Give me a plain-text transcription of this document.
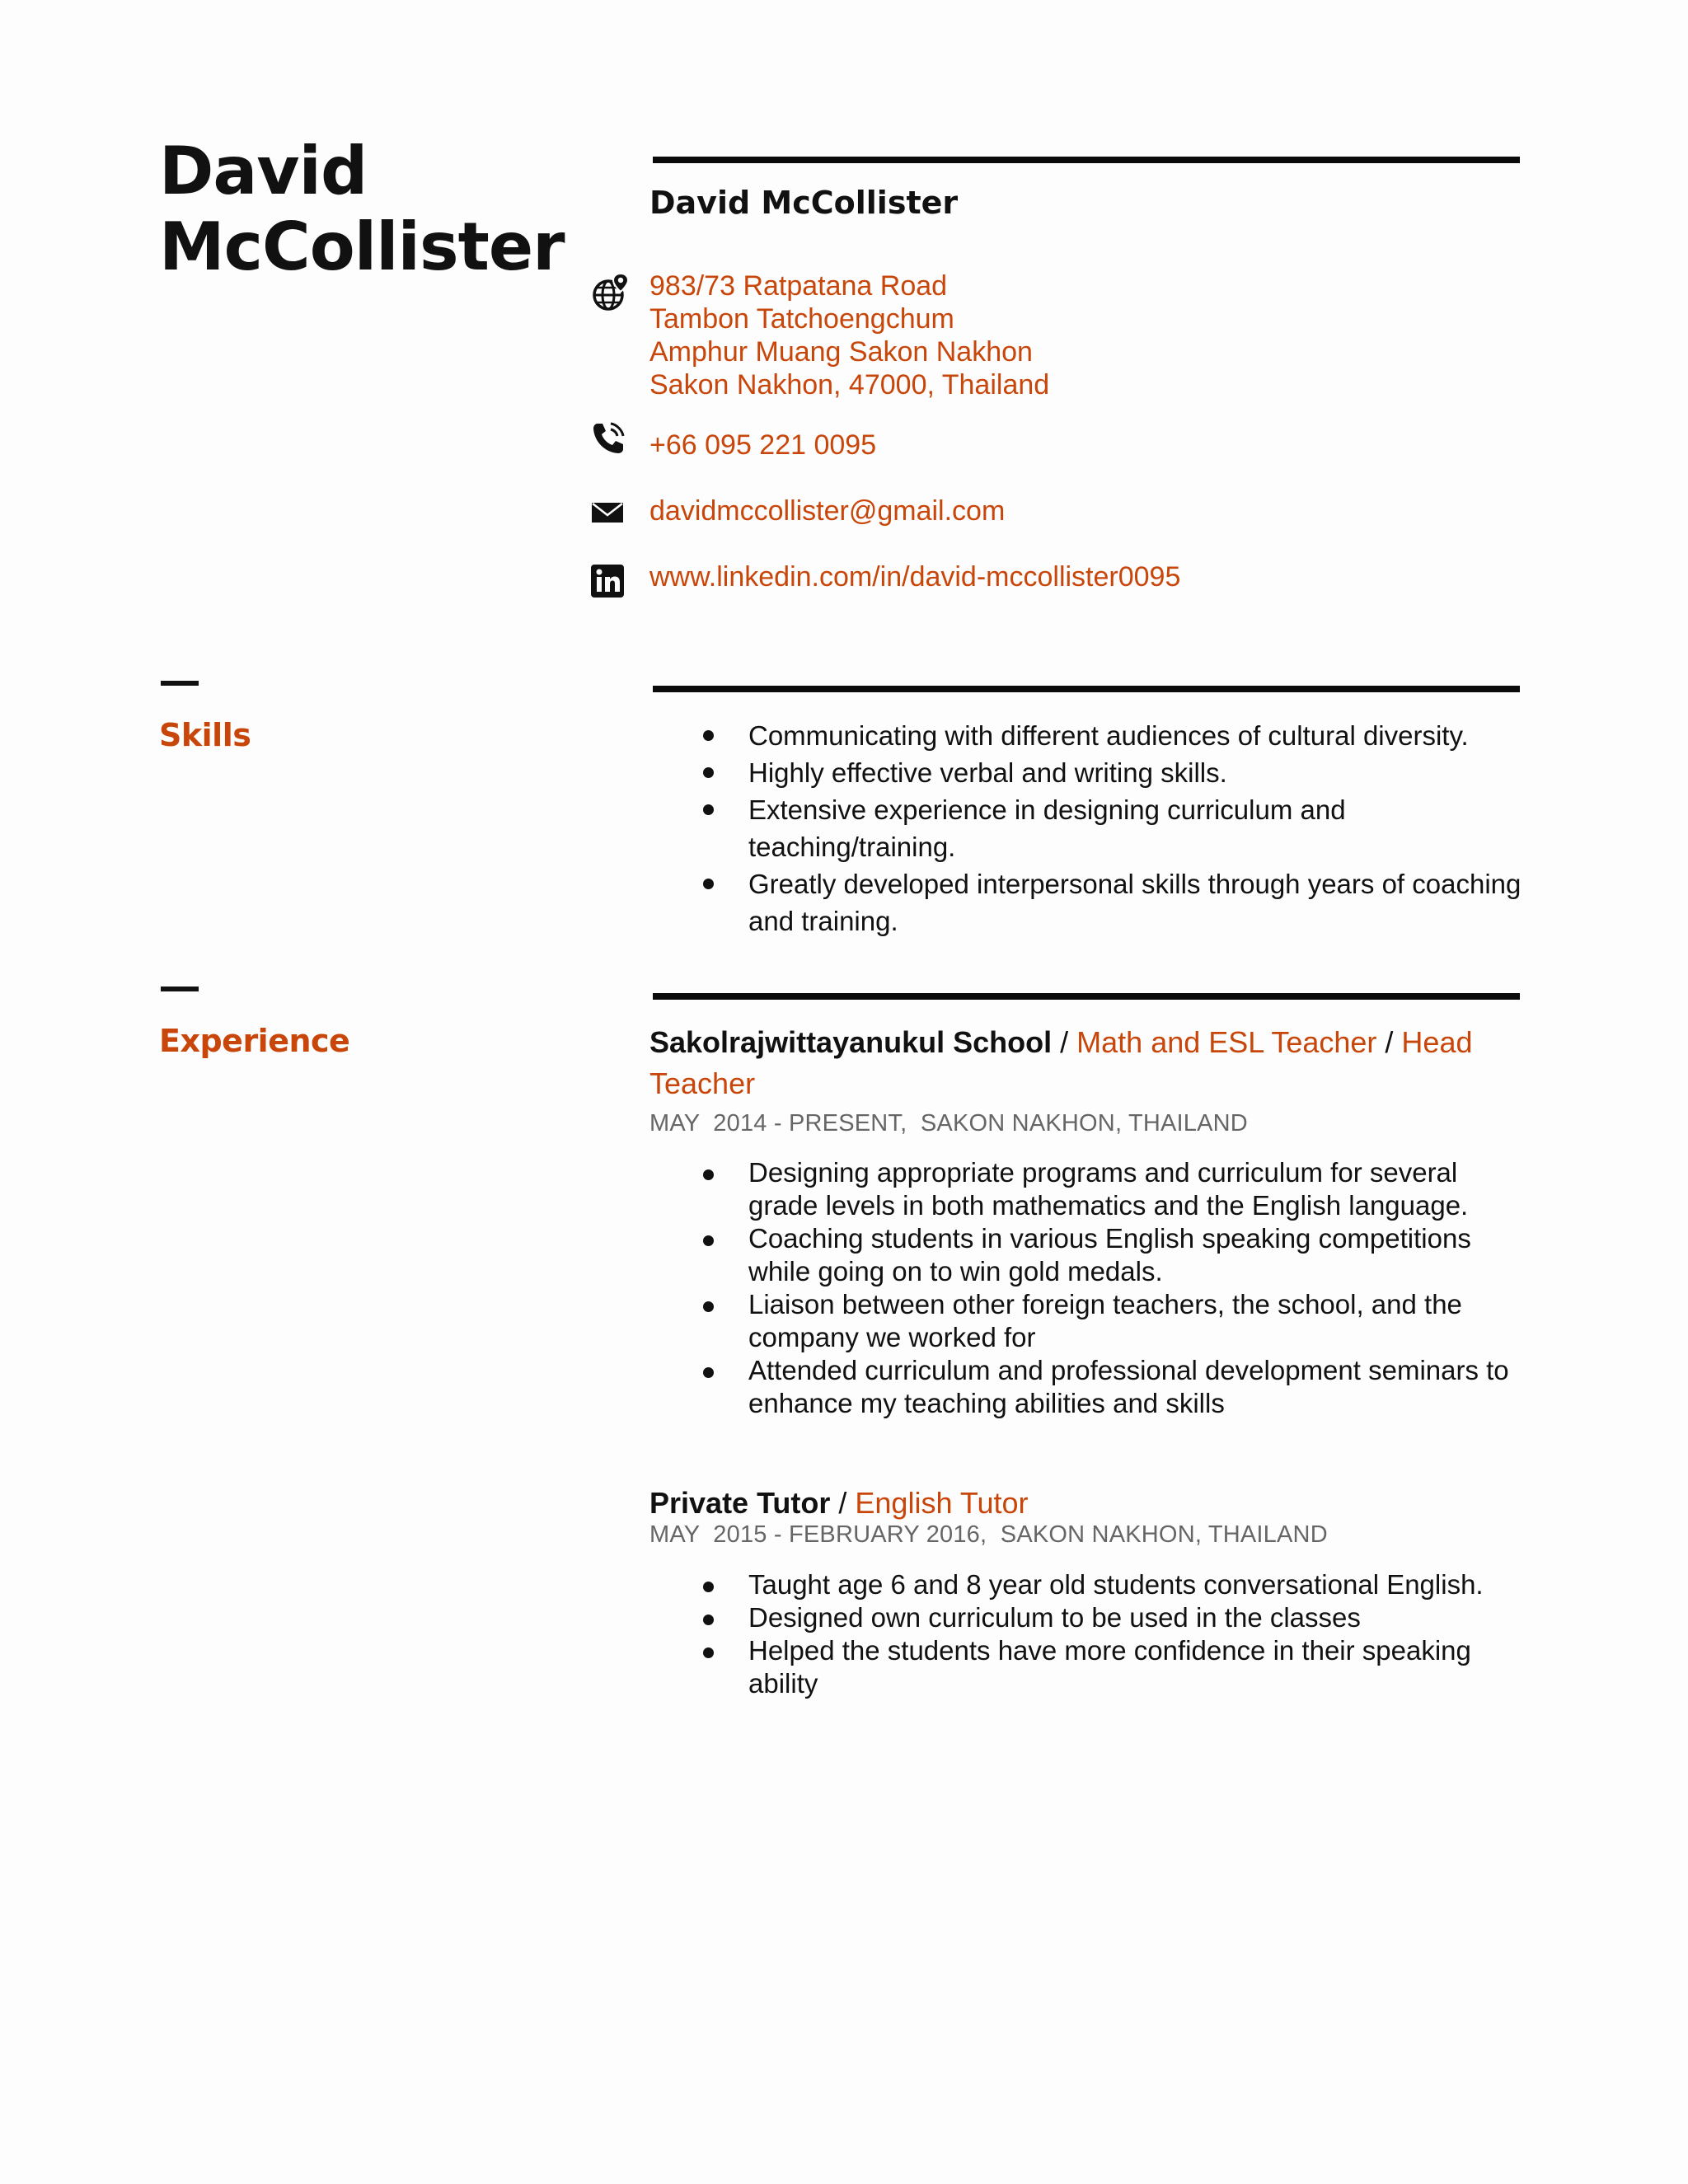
David
McCollister
David McCollister
983/73 Ratpatana Road
Tambon Tatchoengchum
Amphur Muang Sakon Nakhon
Sakon Nakhon, 47000, Thailand
+66 095 221 0095
davidmccollister@gmail.com
www.linkedin.com/in/david-mccollister0095
Skills	Communicating with different audiences of cultural diversity.
Highly effective verbal and writing skills.
Extensive experience in designing curriculum and teaching/training.
Greatly developed interpersonal skills through years of coaching and training.
Experience	Sakolrajwittayanukul School / Math and ESL Teacher / Head Teacher
MAY  2014 - PRESENT,  SAKON NAKHON, THAILAND
Designing appropriate programs and curriculum for several grade levels in both mathematics and the English language.
Coaching students in various English speaking competitions while going on to win gold medals.
Liaison between other foreign teachers, the school, and the company we worked for
Attended curriculum and professional development seminars to enhance my teaching abilities and skills
Private Tutor / English Tutor
MAY  2015 - FEBRUARY 2016,  SAKON NAKHON, THAILAND
Taught age 6 and 8 year old students conversational English.
Designed own curriculum to be used in the classes
Helped the students have more confidence in their speaking ability
